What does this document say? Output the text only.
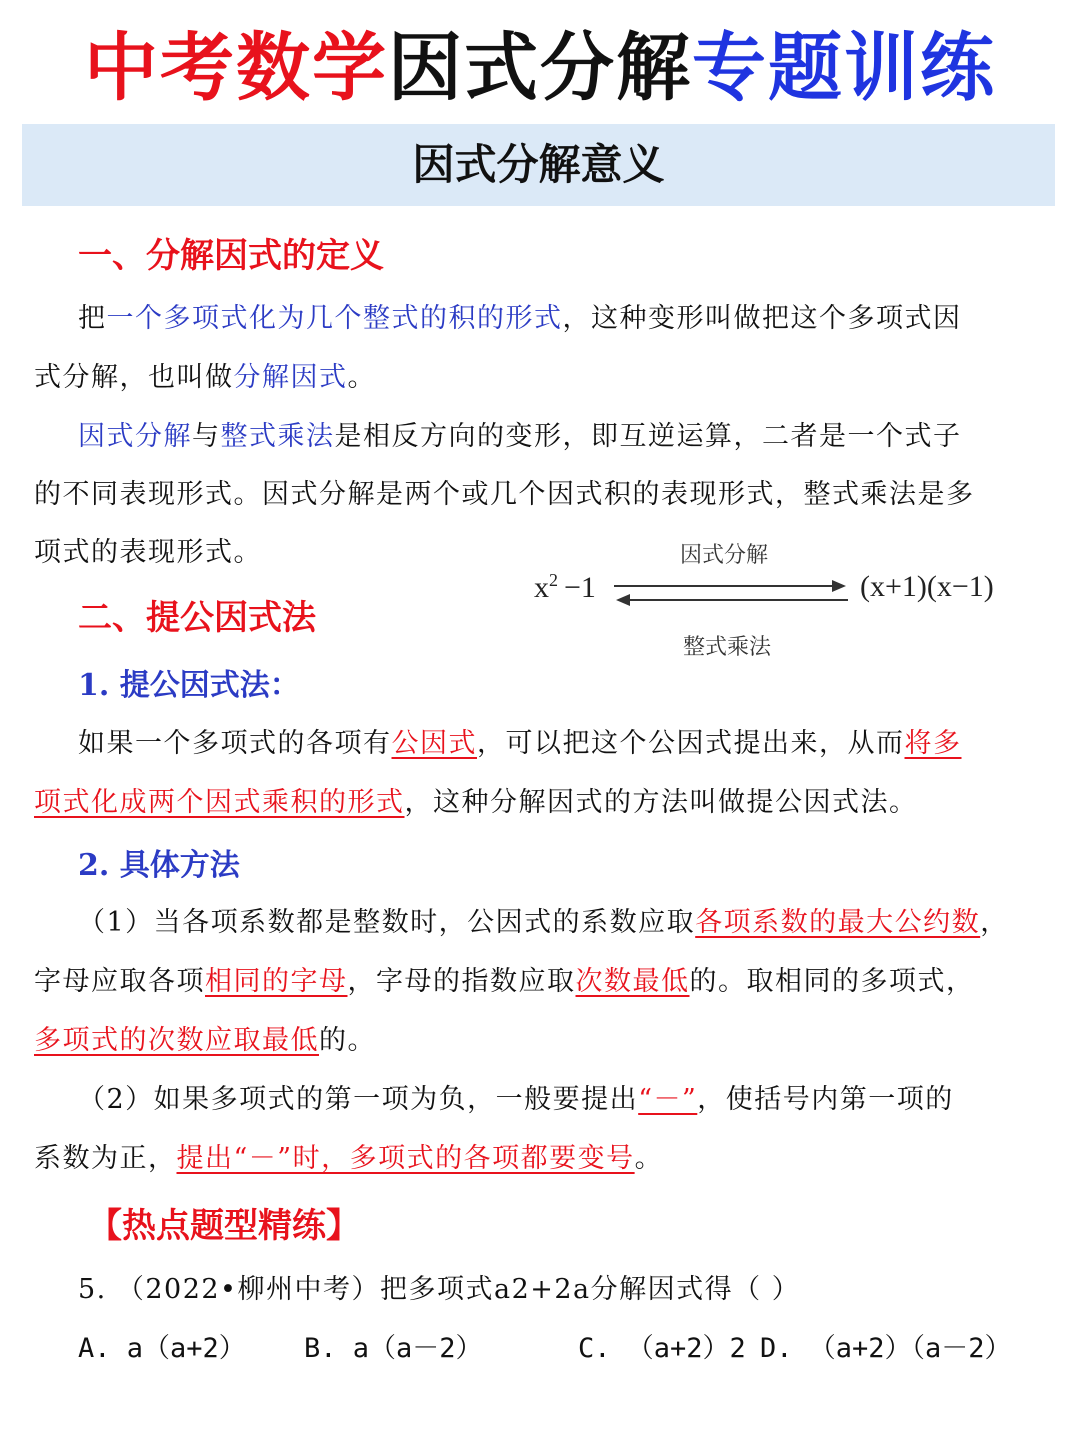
中考数学因式分解专题训练
因式分解意义
一、分解因式的定义
把一个多项式化为几个整式的积的形式，这种变形叫做把这个多项式因
式分解，也叫做分解因式。
因式分解与整式乘法是相反方向的变形，即互逆运算，二者是一个式子
的不同表现形式。因式分解是两个或几个因式积的表现形式，整式乘法是多
项式的表现形式。	因式分解
$x^2 -1$	(x+1)(x−1)
整式乘法
二、提公因式法
1. 提公因式法：
如果一个多项式的各项有公因式，可以把这个公因式提出来，从而将多
项式化成两个因式乘积的形式，这种分解因式的方法叫做提公因式法。
2. 具体方法
（1）当各项系数都是整数时，公因式的系数应取各项系数的最大公约数，
字母应取各项相同的字母，字母的指数应取次数最低的。取相同的多项式，
多项式的次数应取最低的。
（2）如果多项式的第一项为负，一般要提出“－”，使括号内第一项的
系数为正，提出“－”时，多项式的各项都要变号。
【热点题型精练】
5. （2022•柳州中考）把多项式a2+2a分解因式得（ ）
A. a（a+2） B. a（a－2）	C. （a+2）2 D. （a+2）（a－2）
